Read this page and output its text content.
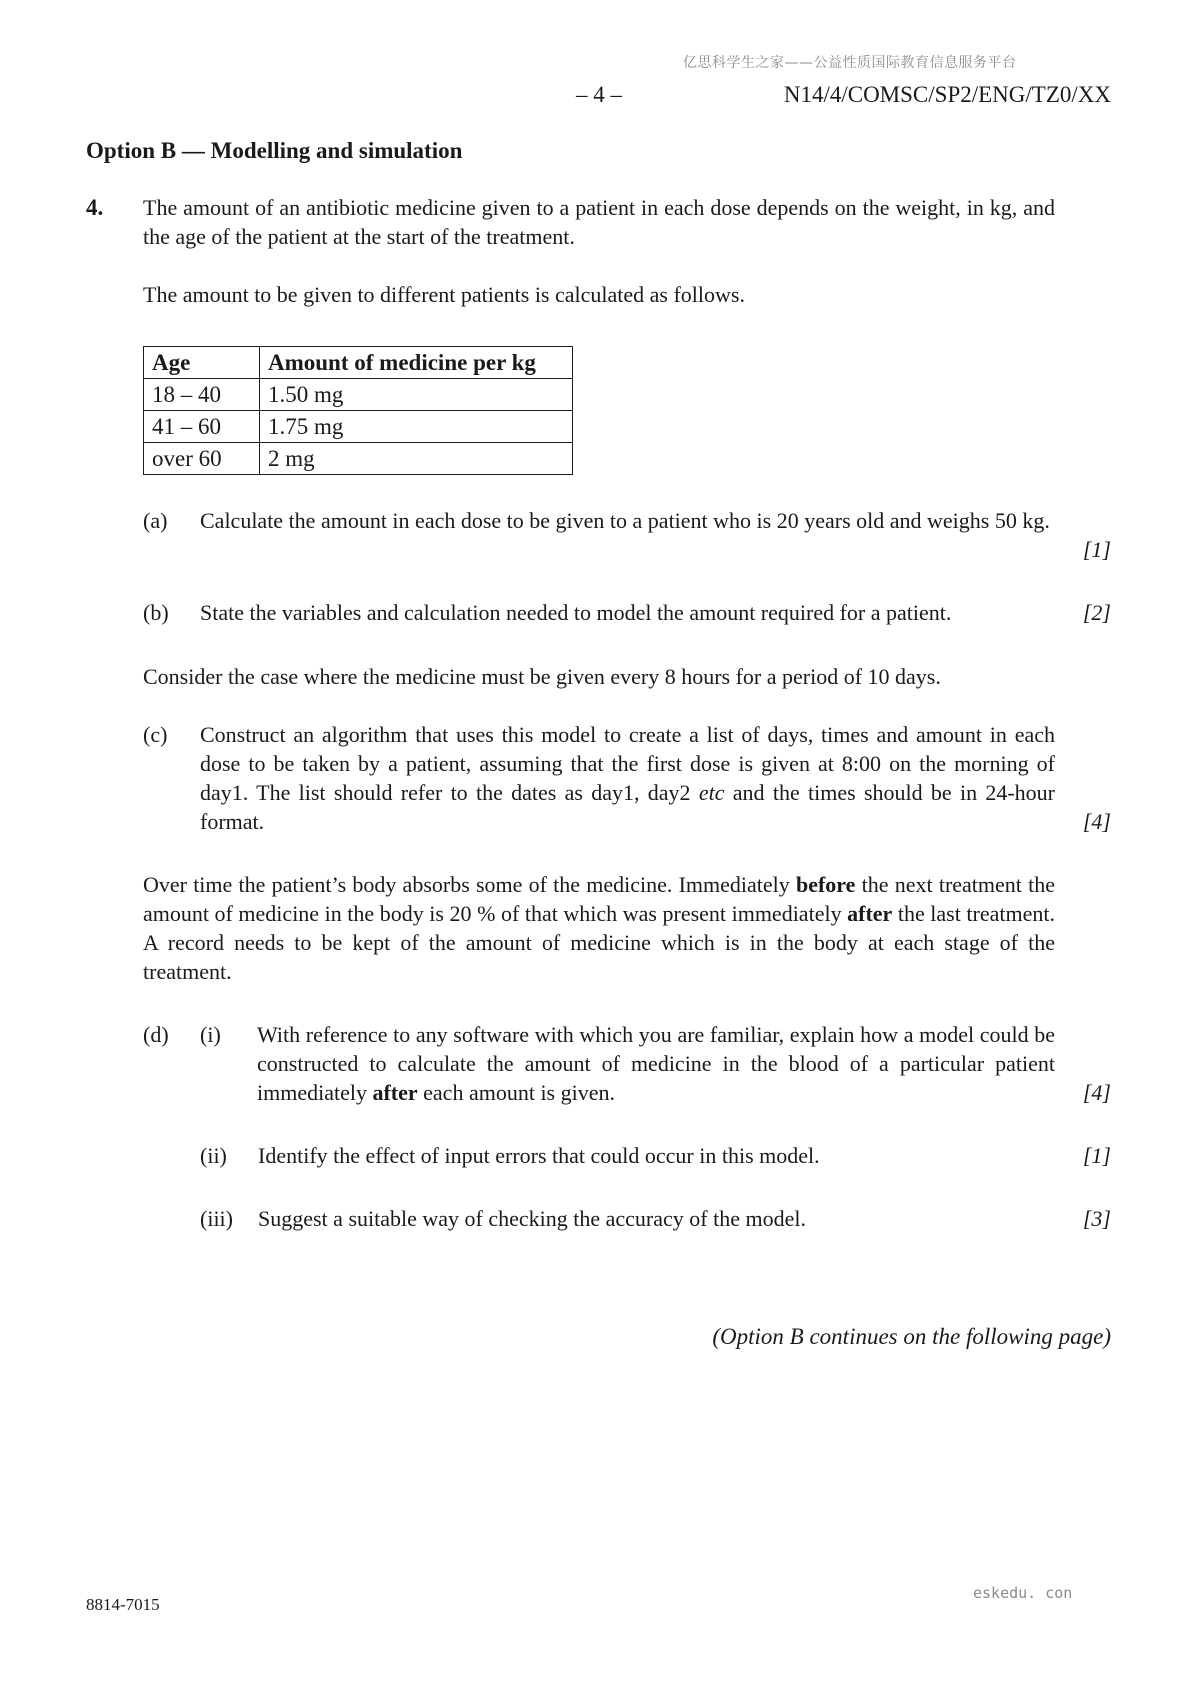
亿思科学生之家——公益性质国际教育信息服务平台
– 4 –	N14/4/COMSC/SP2/ENG/TZ0/XX
Option B — Modelling and simulation
4. The amount of an antibiotic medicine given to a patient in each dose depends on the weight, in kg, and the age of the patient at the start of the treatment.
The amount to be given to different patients is calculated as follows.
Age	Amount of medicine per kg
18 – 40	1.50 mg
41 – 60	1.75 mg
over 60	2 mg
(a) Calculate the amount in each dose to be given to a patient who is 20 years old and weighs 50 kg.
[1]
(b) State the variables and calculation needed to model the amount required for a patient.	[2]
Consider the case where the medicine must be given every 8 hours for a period of 10 days.
(c) Construct an algorithm that uses this model to create a list of days, times and amount in each dose to be taken by a patient, assuming that the first dose is given at 8:00 on the morning of day1. The list should refer to the dates as day1, day2 etc and the times should be in 24-hour format.	[4]
Over time the patient’s body absorbs some of the medicine. Immediately before the next treatment the amount of medicine in the body is 20 % of that which was present immediately after the last treatment. A record needs to be kept of the amount of medicine which is in the body at each stage of the treatment.
(d) (i) With reference to any software with which you are familiar, explain how a model could be constructed to calculate the amount of medicine in the blood of a particular patient immediately after each amount is given.	[4]
(ii) Identify the effect of input errors that could occur in this model.	[1]
(iii) Suggest a suitable way of checking the accuracy of the model.	[3]
(Option B continues on the following page)
eskedu. con
8814-7015
